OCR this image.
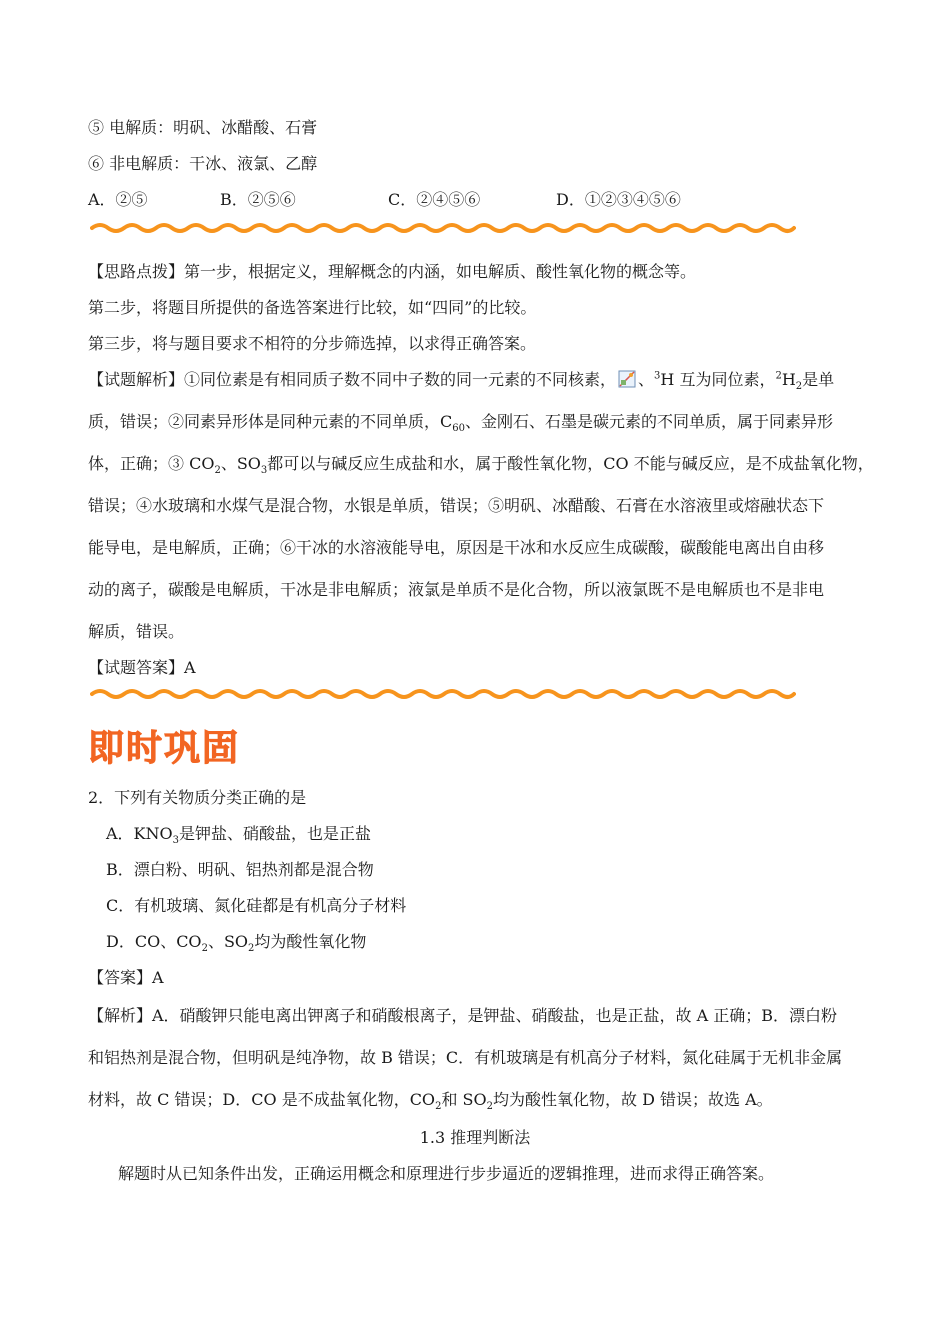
⑤ 电解质：明矾、冰醋酸、石膏
⑥ 非电解质：干冰、液氯、乙醇
A．②⑤	B．②⑤⑥	C．②④⑤⑥	D．①②③④⑤⑥
【思路点拨】第一步，根据定义，理解概念的内涵，如电解质、酸性氧化物的概念等。
第二步，将题目所提供的备选答案进行比较，如“四同”的比较。
第三步，将与题目要求不相符的分步筛选掉，以求得正确答案。
【试题解析】①同位素是有相同质子数不同中子数的同一元素的不同核素， 、$^3$H 互为同位素，$^2H_2$是单
质，错误；②同素异形体是同种元素的不同单质，$C_{60}$、金刚石、石墨是碳元素的不同单质，属于同素异形
体，正确；③ $CO_2$、$SO_3$都可以与碱反应生成盐和水，属于酸性氧化物，CO 不能与碱反应，是不成盐氧化物，
错误；④水玻璃和水煤气是混合物，水银是单质，错误；⑤明矾、冰醋酸、石膏在水溶液里或熔融状态下
能导电，是电解质，正确；⑥干冰的水溶液能导电，原因是干冰和水反应生成碳酸，碳酸能电离出自由移
动的离子，碳酸是电解质，干冰是非电解质；液氯是单质不是化合物，所以液氯既不是电解质也不是非电
解质，错误。
【试题答案】A
即时巩固
2．下列有关物质分类正确的是
A．$KNO_3$是钾盐、硝酸盐，也是正盐
B．漂白粉、明矾、铝热剂都是混合物
C．有机玻璃、氮化硅都是有机高分子材料
D．CO、$CO_2$、$SO_2$均为酸性氧化物
【答案】A
【解析】A．硝酸钾只能电离出钾离子和硝酸根离子，是钾盐、硝酸盐，也是正盐，故 A 正确；B．漂白粉
和铝热剂是混合物，但明矾是纯净物，故 B 错误；C．有机玻璃是有机高分子材料，氮化硅属于无机非金属
材料，故 C 错误；D．CO 是不成盐氧化物，$CO_2$和 $SO_2$均为酸性氧化物，故 D 错误；故选 A。
1.3 推理判断法
解题时从已知条件出发，正确运用概念和原理进行步步逼近的逻辑推理，进而求得正确答案。
